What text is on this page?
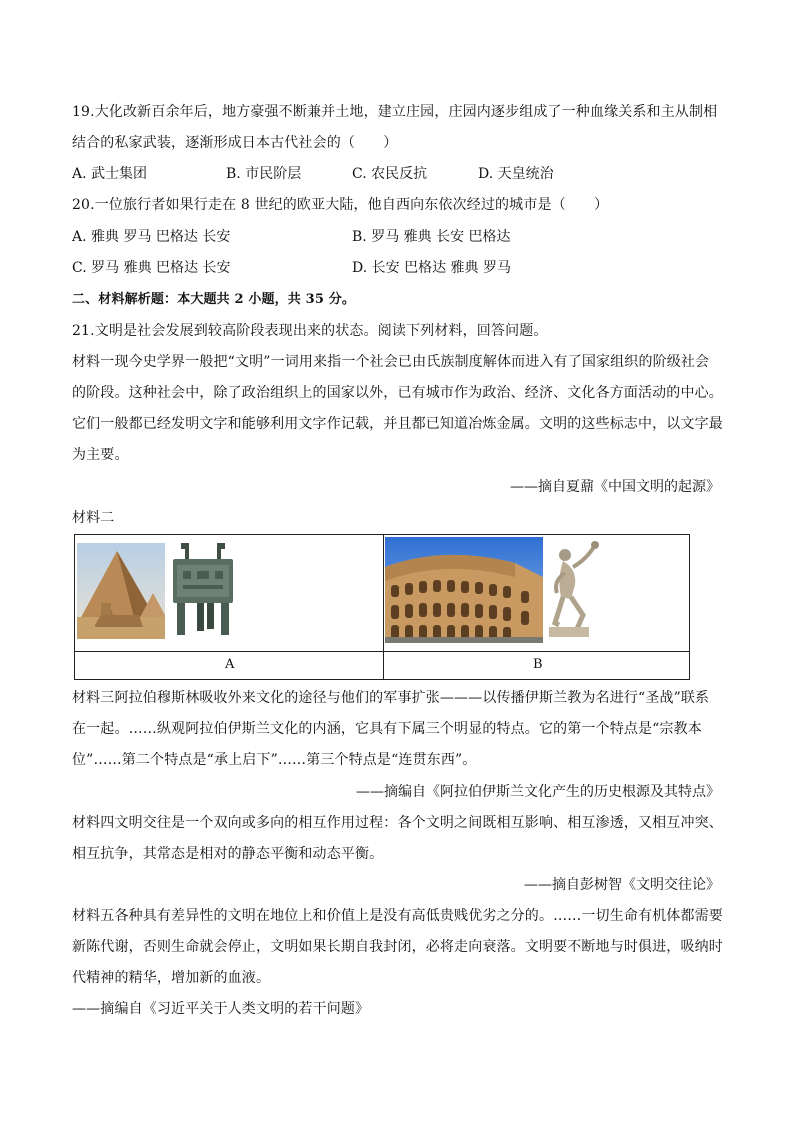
19.大化改新百余年后，地方豪强不断兼并土地，建立庄园，庄园内逐步组成了一种血缘关系和主从制相
结合的私家武装，逐渐形成日本古代社会的（　　）
A. 武士集团	B. 市民阶层	C. 农民反抗	D. 天皇统治
20.一位旅行者如果行走在 8 世纪的欧亚大陆，他自西向东依次经过的城市是（　　）
A. 雅典 罗马 巴格达 长安	B. 罗马 雅典 长安 巴格达
C. 罗马 雅典 巴格达 长安	D. 长安 巴格达 雅典 罗马
二、材料解析题：本大题共 2 小题，共 35 分。
21.文明是社会发展到较高阶段表现出来的状态。阅读下列材料，回答问题。
材料一现今史学界一般把“文明”一词用来指一个社会已由氏族制度解体而进入有了国家组织的阶级社会
的阶段。这种社会中，除了政治组织上的国家以外，已有城市作为政治、经济、文化各方面活动的中心。
它们一般都已经发明文字和能够利用文字作记载，并且都已知道冶炼金属。文明的这些标志中，以文字最
为主要。
——摘自夏鼐《中国文明的起源》
材料二
A	B
材料三阿拉伯穆斯林吸收外来文化的途径与他们的军事扩张———以传播伊斯兰教为名进行“圣战”联系
在一起。……纵观阿拉伯伊斯兰文化的内涵，它具有下属三个明显的特点。它的第一个特点是“宗教本
位”……第二个特点是“承上启下”……第三个特点是“连贯东西”。
——摘编自《阿拉伯伊斯兰文化产生的历史根源及其特点》
材料四文明交往是一个双向或多向的相互作用过程：各个文明之间既相互影响、相互渗透，又相互冲突、
相互抗争，其常态是相对的静态平衡和动态平衡。
——摘自彭树智《文明交往论》
材料五各种具有差异性的文明在地位上和价值上是没有高低贵贱优劣之分的。……一切生命有机体都需要
新陈代谢，否则生命就会停止，文明如果长期自我封闭，必将走向衰落。文明要不断地与时俱进，吸纳时
代精神的精华，增加新的血液。
——摘编自《习近平关于人类文明的若干问题》
